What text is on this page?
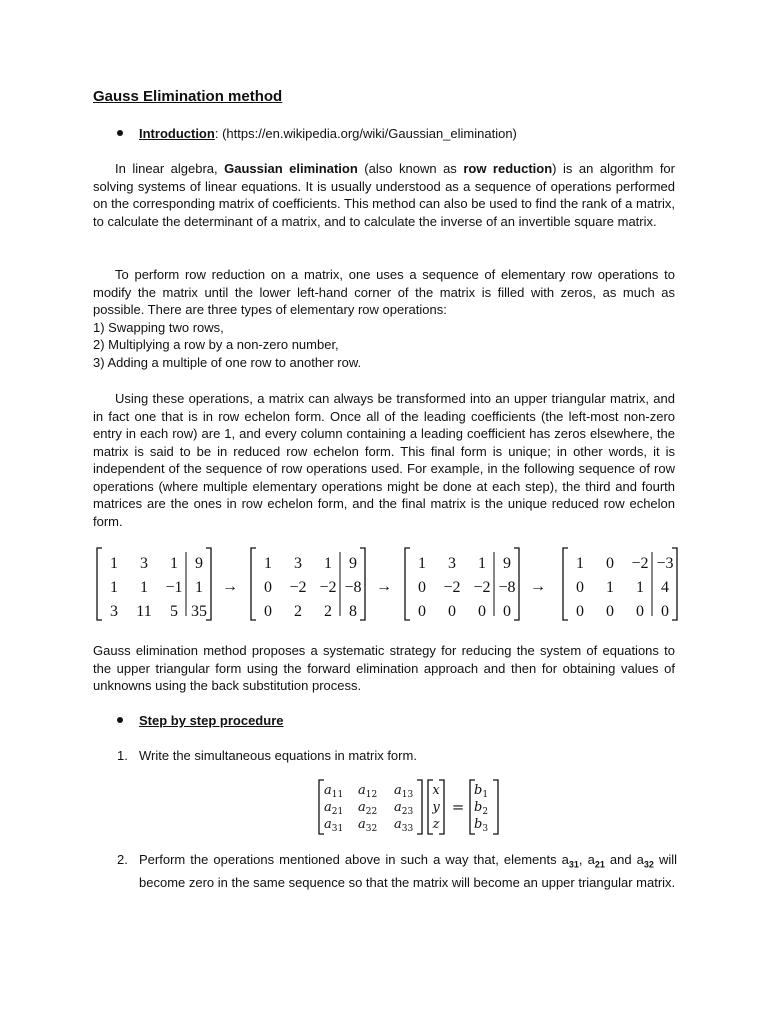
Gauss Elimination method
Introduction :
(https://en.wikipedia.org/wiki/Gaussian_elimination)

In linear algebra, Gaussian elimination (also known as row reduction) is an algorithm for solving systems of linear equations. It is usually understood as a sequence of operations performed on the corresponding matrix of coefficients. This method can also be used to find the rank of a matrix, to calculate the determinant of a matrix, and to calculate the inverse of an invertible square matrix.

To perform row reduction on a matrix, one uses a sequence of elementary row operations to modify the matrix until the lower left-hand corner of the matrix is filled with zeros, as much as possible. There are three types of elementary row operations:

1) Swapping two rows,
2) Multiplying a row by a non-zero number,
3) Adding a multiple of one row to another row.

Using these operations, a matrix can always be transformed into an upper triangular matrix, and in fact one that is in row echelon form. Once all of the leading coefficients (the left-most non-zero entry in each row) are 1, and every column containing a leading coefficient has zeros elsewhere, the matrix is said to be in reduced row echelon form. This final form is unique; in other words, it is independent of the sequence of row operations used. For example, in the following sequence of row operations (where multiple elementary operations might be done at each step), the third and fourth matrices are the ones in row echelon form, and the final matrix is the unique reduced row echelon form.

1 3 1 9
1 1 −1 1
3 11 5 35
→
1 3 1 9
0 −2 −2 −8
0 2 2 8
→
1 3 1 9
0 −2 −2 −8
0 0 0 0
→
1 0 −2 −3
0 1 1 4
0 0 0 0

Gauss elimination method proposes a systematic strategy for reducing the system of equations to the upper triangular form using the forward elimination approach and then for obtaining values of unknowns using the back substitution process.

Step by step procedure
1. Write the simultaneous equations in matrix form.
$a_{11}$ $a_{12}$ $a_{13}$
$a_{21}$ $a_{22}$ $a_{23}$
$a_{31}$ $a_{32}$ $a_{33}$
x
y
z
=
$b_1$
$b_2$
$b_3$
2. Perform the operations mentioned above in such a way that, elements $a_{31}$, $a_{21}$ and $a_{32}$ will become zero in the same sequence so that the matrix will become an upper triangular matrix.
